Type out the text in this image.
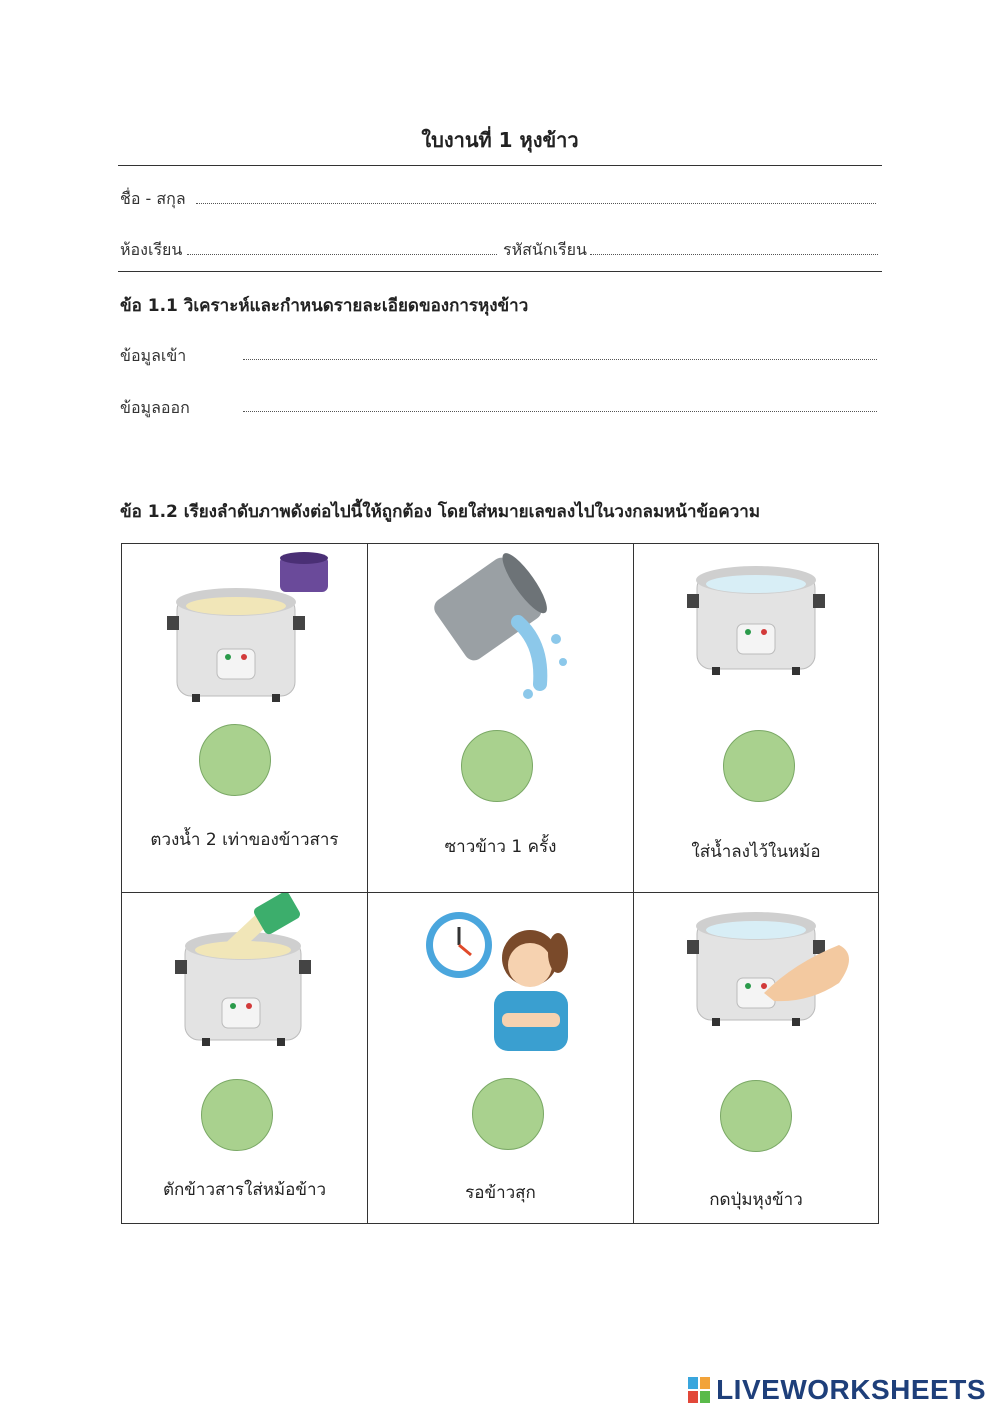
ใบงานที่ 1 หุงข้าว
ชื่อ - สกุล
ห้องเรียน	รหัสนักเรียน
ข้อ 1.1 วิเคราะห์และกำหนดรายละเอียดของการหุงข้าว
ข้อมูลเข้า
ข้อมูลออก
ข้อ 1.2 เรียงลำดับภาพดังต่อไปนี้ให้ถูกต้อง โดยใส่หมายเลขลงไปในวงกลมหน้าข้อความ
ตวงน้ำ 2 เท่าของข้าวสาร	ซาวข้าว 1 ครั้ง	ใส่น้ำลงไว้ในหม้อ
ตักข้าวสารใส่หม้อข้าว	รอข้าวสุก	กดปุ่มหุงข้าว
LIVEWORKSHEETS
